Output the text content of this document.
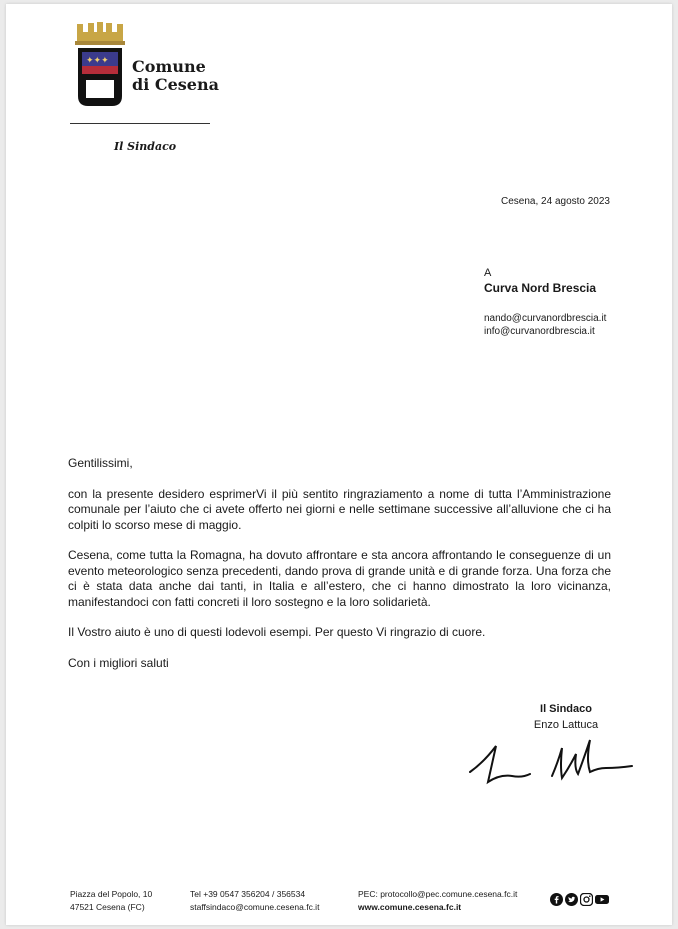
✦✦✦ Comune
di Cesena
Il Sindaco
Cesena, 24 agosto 2023
A
Curva Nord Brescia
nando@curvanordbrescia.it
info@curvanordbrescia.it

Gentilissimi,

con la presente desidero esprimerVi il più sentito ringraziamento a nome di tutta l’Amministrazione comunale per l’aiuto che ci avete offerto nei giorni e nelle settimane successive all’alluvione che ci ha colpiti lo scorso mese di maggio.

Cesena, come tutta la Romagna, ha dovuto affrontare e sta ancora affrontando le conseguenze di un evento meteorologico senza precedenti, dando prova di grande unità e di grande forza. Una forza che ci è stata data anche dai tanti, in Italia e all’estero, che ci hanno dimostrato la loro vicinanza, manifestandoci con fatti concreti il loro sostegno e la loro solidarietà.

Il Vostro aiuto è uno di questi lodevoli esempi. Per questo Vi ringrazio di cuore.

Con i migliori saluti

Il Sindaco
Enzo Lattuca
Piazza del Popolo, 10
47521 Cesena (FC)
Tel +39 0547 356204 / 356534
staffsindaco@comune.cesena.fc.it
PEC: protocollo@pec.comune.cesena.fc.it
www.comune.cesena.fc.it
